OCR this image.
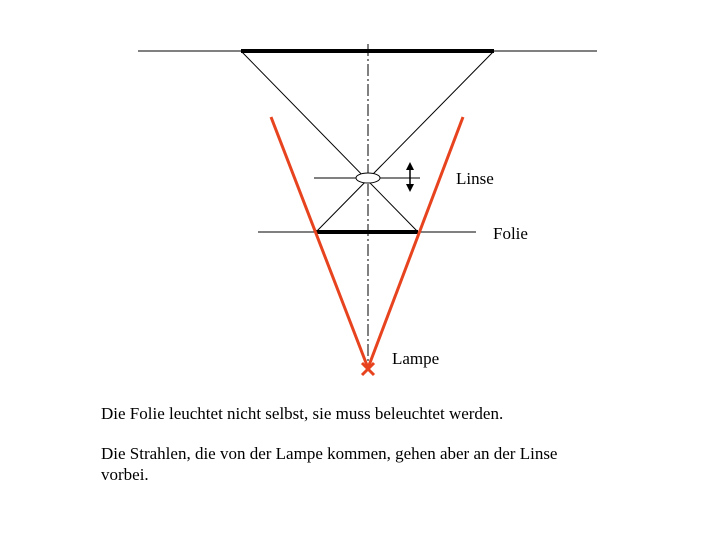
Linse
Folie
Lampe
Die Folie leuchtet nicht selbst, sie muss beleuchtet werden.
Die Strahlen, die von der Lampe kommen, gehen aber an der Linse vorbei.
